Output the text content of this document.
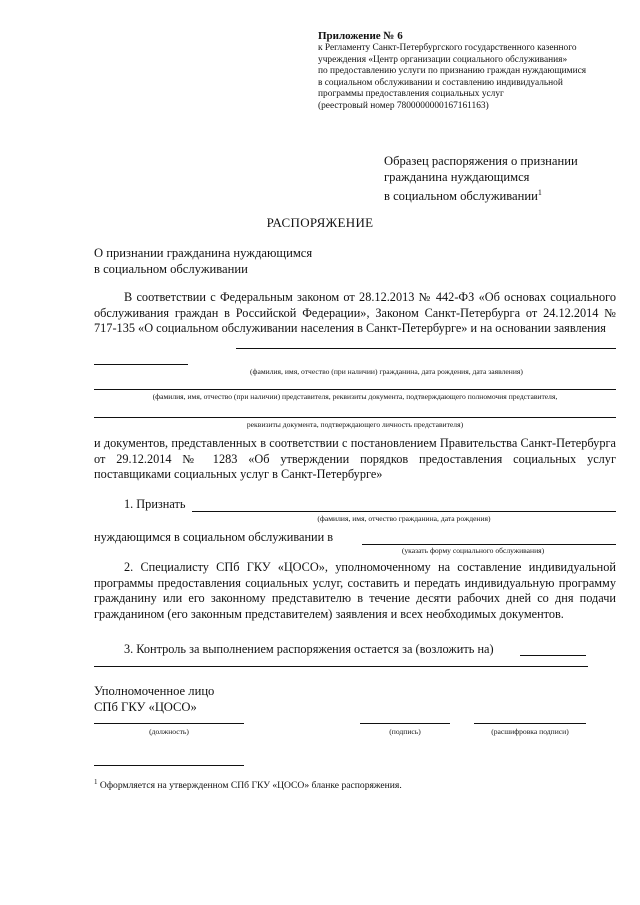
Приложение № 6
к Регламенту Санкт-Петербургского государственного казенного
учреждения «Центр организации социального обслуживания»
по предоставлению услуги по признанию граждан нуждающимися
в социальном обслуживании и составлению индивидуальной
программы предоставления социальных услуг
(реестровый номер 7800000000167161163)
Образец распоряжения о признании
гражданина нуждающимся
в социальном обслуживании$^1$
РАСПОРЯЖЕНИЕ
О признании гражданина нуждающимся
в социальном обслуживании
В соответствии с Федеральным законом от 28.12.2013 № 442-ФЗ «Об основах социального обслуживания граждан в Российской Федерации», Законом Санкт-Петербурга от 24.12.2014 № 717-135 «О социальном обслуживании населения в Санкт-Петербурге» и на основании заявления
(фамилия, имя, отчество (при наличии) гражданина, дата рождения, дата заявления)
(фамилия, имя, отчество (при наличии) представителя, реквизиты документа, подтверждающего полномочия представителя,
реквизиты документа, подтверждающего личность представителя)
и документов, представленных в соответствии с постановлением Правительства Санкт-Петербурга от 29.12.2014 № 1283 «Об утверждении порядков предоставления социальных услуг поставщиками социальных услуг в Санкт-Петербурге»
1. Признать
(фамилия, имя, отчество гражданина, дата рождения)
нуждающимся в социальном обслуживании в
(указать форму социального обслуживания)
2. Специалисту СПб ГКУ «ЦОСО», уполномоченному на составление индивидуальной программы предоставления социальных услуг, составить и передать индивидуальную программу гражданину или его законному представителю в течение десяти рабочих дней со дня подачи гражданином (его законным представителем) заявления и всех необходимых документов.
3. Контроль за выполнением распоряжения остается за (возложить на)
Уполномоченное лицо
СПб ГКУ «ЦОСО»
(должность)	(подпись)	(расшифровка подписи)
$^1$ Оформляется на утвержденном СПб ГКУ «ЦОСО» бланке распоряжения.
